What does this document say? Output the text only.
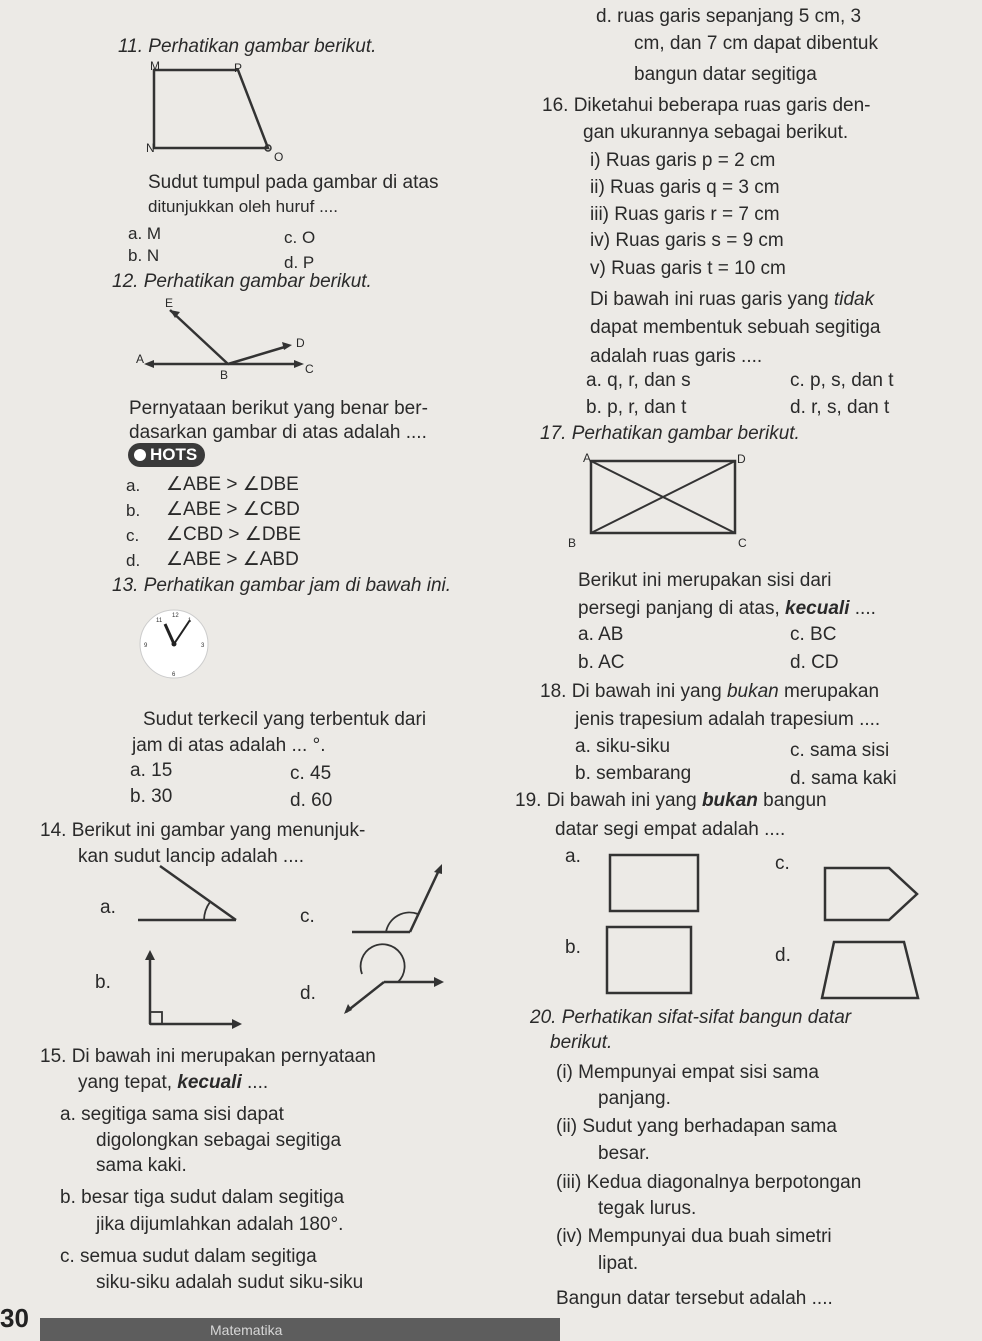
11. Perhatikan gambar berikut.
M	P
N
O
Sudut tumpul pada gambar di atas
ditunjukkan oleh huruf ....
a. M
b. N
c. O
d. P
12. Perhatikan gambar berikut.
E
D
A
B	C
Pernyataan berikut yang benar ber-
dasarkan gambar di atas adalah ....
HOTS
a. ∠ABE > ∠DBE
b. ∠ABE > ∠CBD
c. ∠CBD > ∠DBE
d. ∠ABE > ∠ABD
13. Perhatikan gambar jam di bawah ini.
12
3
6
9
1
11
Sudut terkecil yang terbentuk dari
jam di atas adalah ... °.
a. 15
b. 30
c. 45
d. 60
14. Berikut ini gambar yang menunjuk-
kan sudut lancip adalah ....
a.	c.
b.
d.
15. Di bawah ini merupakan pernyataan
yang tepat, kecuali ....
a. segitiga sama sisi dapat
digolongkan sebagai segitiga
sama kaki.
b. besar tiga sudut dalam segitiga
jika dijumlahkan adalah 180°.
c. semua sudut dalam segitiga
siku-siku adalah sudut siku-siku
d. ruas garis sepanjang 5 cm, 3
cm, dan 7 cm dapat dibentuk
bangun datar segitiga
16. Diketahui beberapa ruas garis den-
gan ukurannya sebagai berikut.
i) Ruas garis p = 2 cm
ii) Ruas garis q = 3 cm
iii) Ruas garis r = 7 cm
iv) Ruas garis s = 9 cm
v) Ruas garis t = 10 cm
Di bawah ini ruas garis yang tidak
dapat membentuk sebuah segitiga
adalah ruas garis ....
a. q, r, dan s
b. p, r, dan t
c. p, s, dan t
d. r, s, dan t
17. Perhatikan gambar berikut.
A	D
B	C
Berikut ini merupakan sisi dari
persegi panjang di atas, kecuali ....
a. AB
b. AC
c. BC
d. CD
18. Di bawah ini yang bukan merupakan
jenis trapesium adalah trapesium ....
a. siku-siku
b. sembarang
c. sama sisi
d. sama kaki
19. Di bawah ini yang bukan bangun
datar segi empat adalah ....
a.	c.
b.	d.
20. Perhatikan sifat-sifat bangun datar
berikut.
(i) Mempunyai empat sisi sama
panjang.
(ii) Sudut yang berhadapan sama
besar.
(iii) Kedua diagonalnya berpotongan
tegak lurus.
(iv) Mempunyai dua buah simetri
lipat.
Bangun datar tersebut adalah ....
Matematika
30
